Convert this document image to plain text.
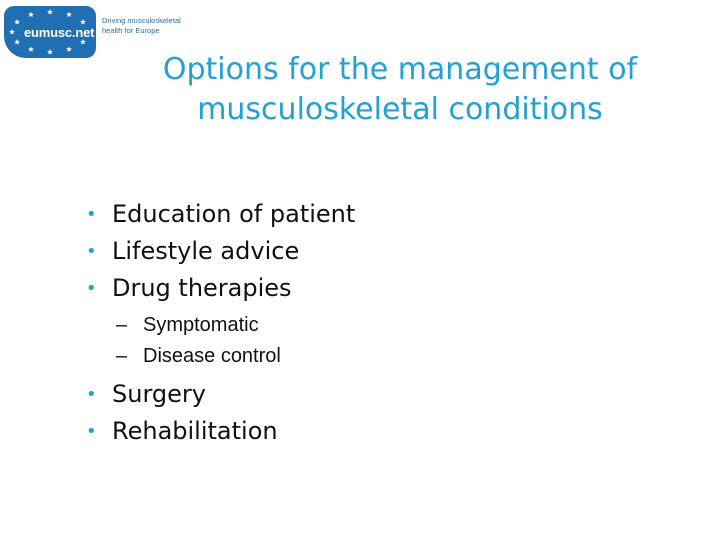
eumusc.net
Driving musculoskeletal
health for Europe
Options for the management of
musculoskeletal conditions
• Education of patient
• Lifestyle advice
• Drug therapies
– Symptomatic
– Disease control
• Surgery
• Rehabilitation
